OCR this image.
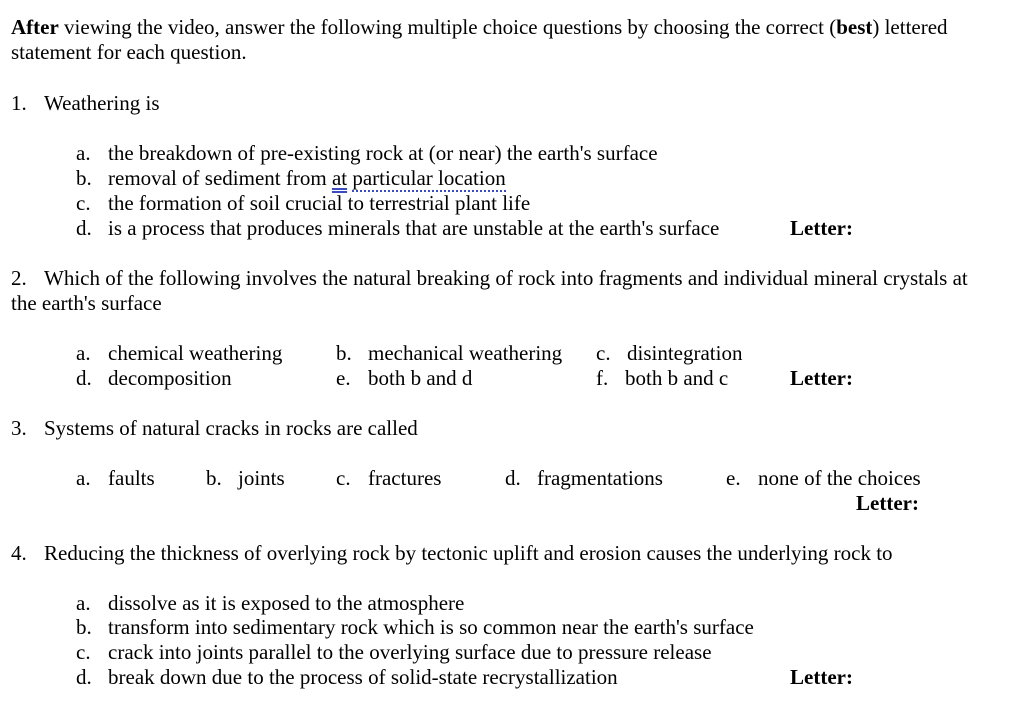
After viewing the video, answer the following multiple choice questions by choosing the correct (best) lettered statement for each question.
1. Weathering is
a. the breakdown of pre-existing rock at (or near) the earth's surface
b. removal of sediment from at particular location
c. the formation of soil crucial to terrestrial plant life
d. is a process that produces minerals that are unstable at the earth's surface	Letter:
2. Which of the following involves the natural breaking of rock into fragments and individual mineral crystals at the earth's surface
a. chemical weathering	b. mechanical weathering c. disintegration
d. decomposition	e. both b and d	f. both b and c	Letter:
3. Systems of natural cracks in rocks are called
a. faults b. joints c. fractures	d. fragmentations	e. none of the choices
Letter:
4. Reducing the thickness of overlying rock by tectonic uplift and erosion causes the underlying rock to
a. dissolve as it is exposed to the atmosphere
b. transform into sedimentary rock which is so common near the earth's surface
c. crack into joints parallel to the overlying surface due to pressure release
d. break down due to the process of solid-state recrystallization	Letter:
